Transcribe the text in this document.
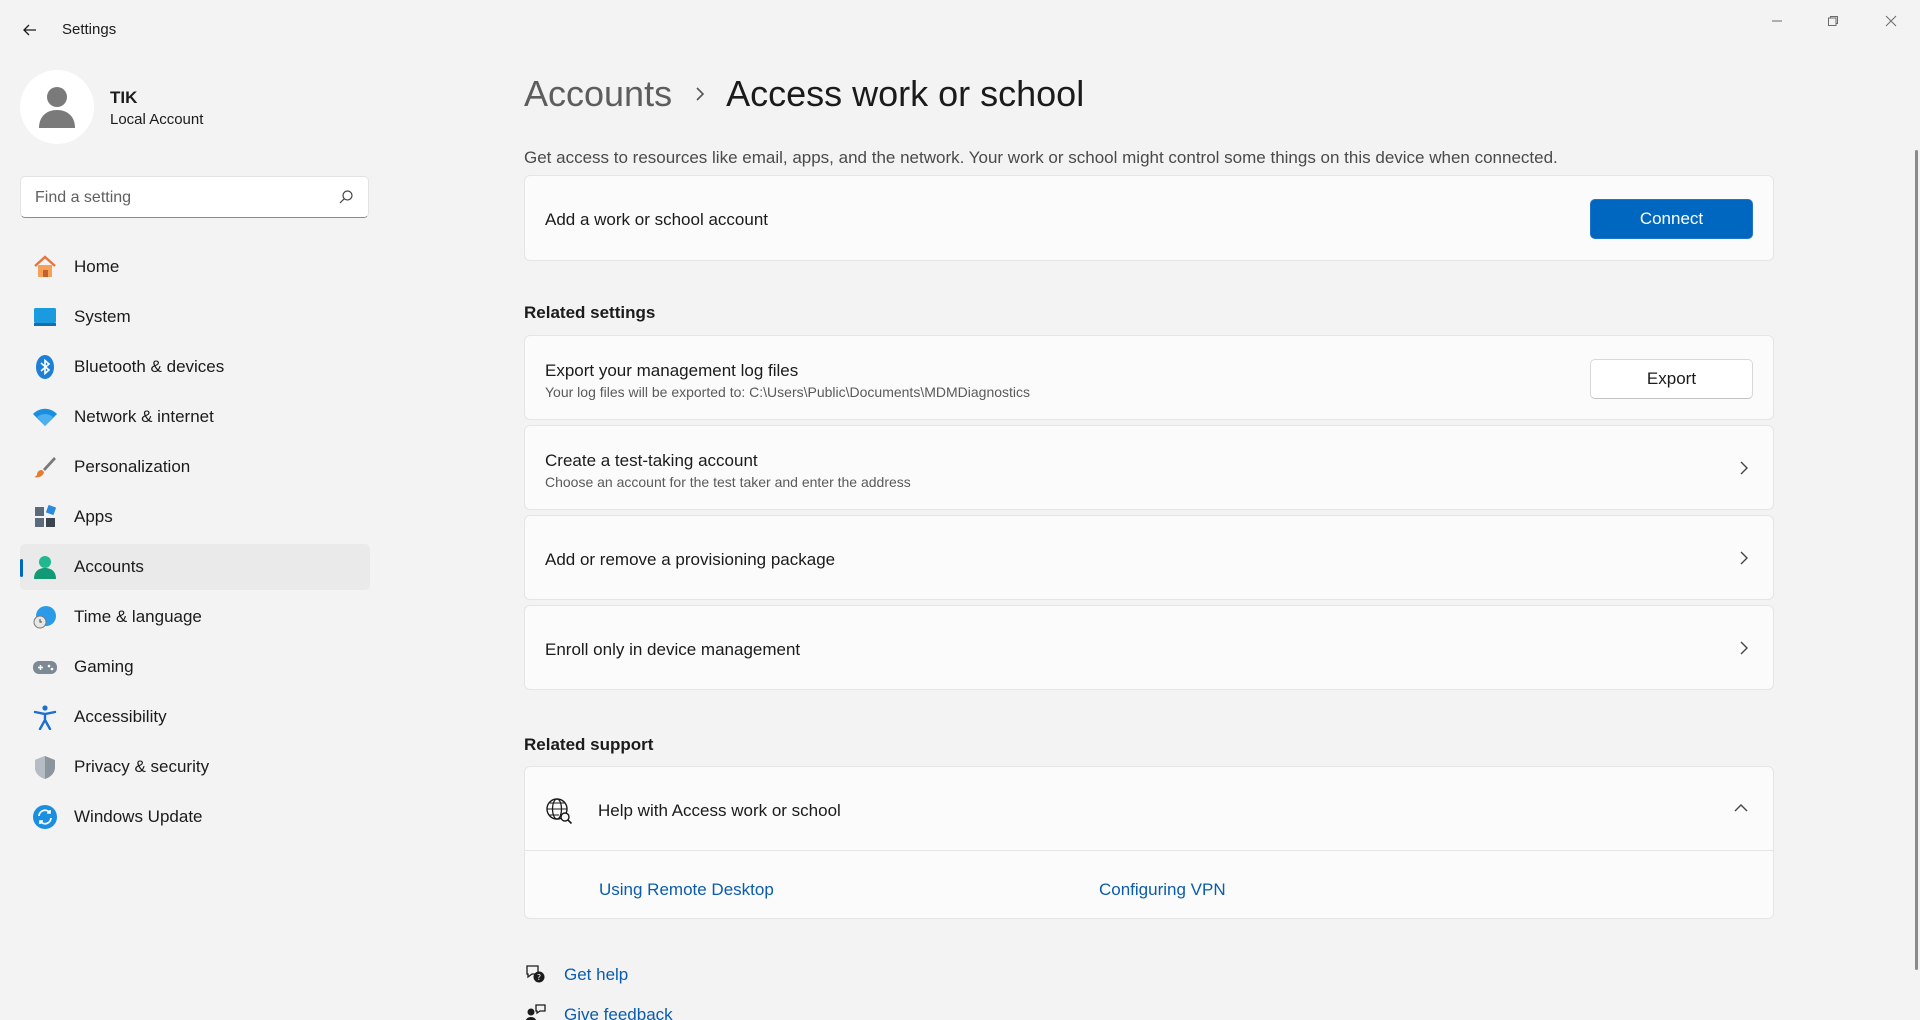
Settings
TIK
Local Account
Find a setting
Home
System
Bluetooth & devices
Network & internet
Personalization
Apps
Accounts
Time & language
Gaming
Accessibility
Privacy & security
Windows Update
Accounts Access work or school
Get access to resources like email, apps, and the network. Your work or school might control some things on this device when connected.
Add a work or school account	Connect
Related settings
Export your management log files
Your log files will be exported to: C:\Users\Public\Documents\MDMDiagnostics
Export
Create a test-taking account
Choose an account for the test taker and enter the address
Add or remove a provisioning package
Enroll only in device management
Related support
Help with Access work or school
Using Remote Desktop	Configuring VPN
? Get help
Give feedback
